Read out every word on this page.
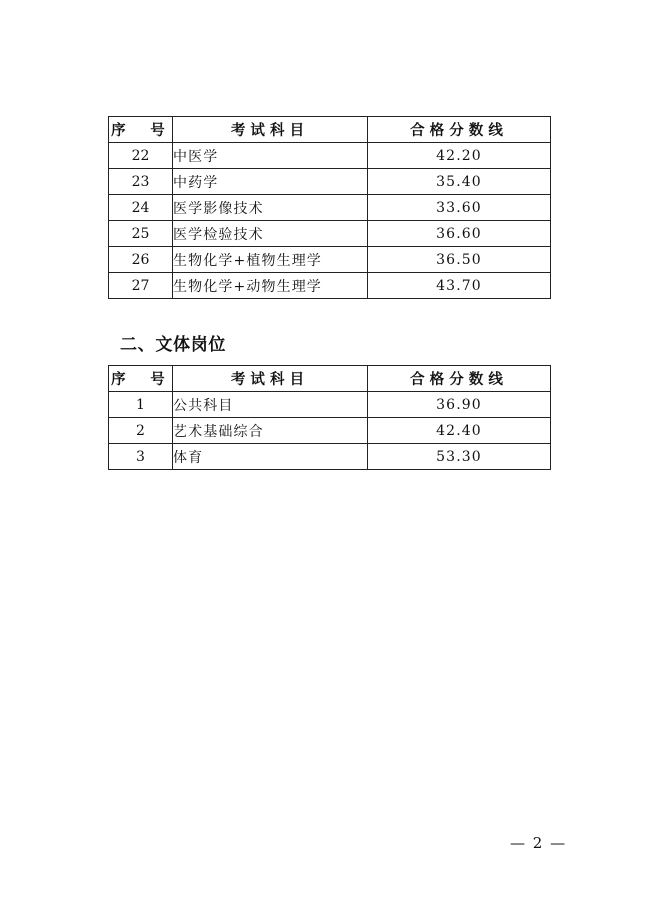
序　号	考试科目	合格分数线
22	中医学	42.20
23	中药学	35.40
24	医学影像技术	33.60
25	医学检验技术	36.60
26	生物化学+植物生理学	36.50
27	生物化学+动物生理学	43.70
二、文体岗位
序　号	考试科目	合格分数线
1	公共科目	36.90
2	艺术基础综合	42.40
3	体育	53.30
— 2 —
